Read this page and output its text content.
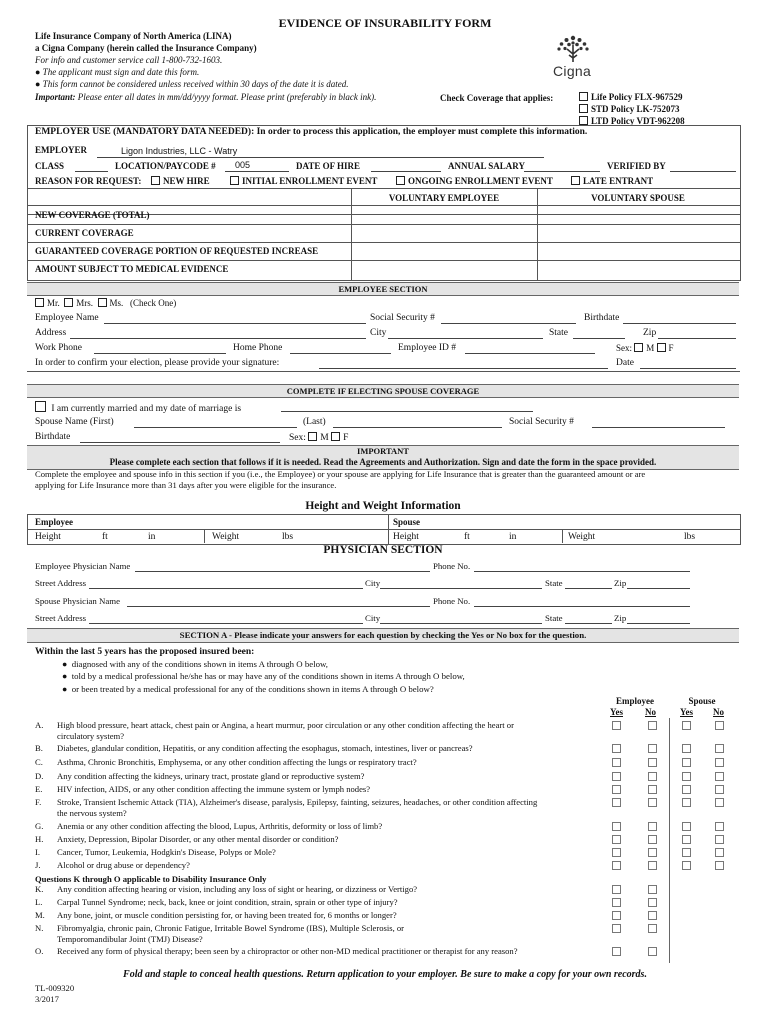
EVIDENCE OF INSURABILITY FORM
Life Insurance Company of North America (LINA)
a Cigna Company (herein called the Insurance Company)
For info and customer service call 1-800-732-1603.
● The applicant must sign and date this form.
● This form cannot be considered unless received within 30 days of the date it is dated.
Important: Please enter all dates in mm/dd/yyyy format. Please print (preferably in black ink).	Check Coverage that applies:	Life Policy FLX-967529
STD Policy LK-752073
LTD Policy VDT-962208
Cigna
EMPLOYER USE (MANDATORY DATA NEEDED): In order to process this application, the employer must complete this information.
EMPLOYER	Ligon Industries, LLC - Watry
CLASS	LOCATION/PAYCODE # 005	DATE OF HIRE	ANNUAL SALARY	VERIFIED BY
REASON FOR REQUEST:	NEW HIRE	INITIAL ENROLLMENT EVENT	ONGOING ENROLLMENT EVENT	LATE ENTRANT
VOLUNTARY EMPLOYEE	VOLUNTARY SPOUSE
NEW COVERAGE (TOTAL)
CURRENT COVERAGE
GUARANTEED COVERAGE PORTION OF REQUESTED INCREASE
AMOUNT SUBJECT TO MEDICAL EVIDENCE
EMPLOYEE SECTION
Mr. Mrs. Ms. (Check One)
Employee Name	Social Security #	Birthdate
Address	City	State	Zip
Work Phone	Home Phone	Employee ID #	Sex: M F
In order to confirm your election, please provide your signature:	Date
COMPLETE IF ELECTING SPOUSE COVERAGE
I am currently married and my date of marriage is
Spouse Name (First)	(Last)	Social Security #
Birthdate	Sex: M F
IMPORTANT
Please complete each section that follows if it is needed. Read the Agreements and Authorization. Sign and date the form in the space provided.
Complete the employee and spouse info in this section if you (i.e., the Employee) or your spouse are applying for Life Insurance that is greater than the guaranteed amount or are
applying for Life Insurance more than 31 days after you were eligible for the insurance.
Height and Weight Information
Employee	Spouse
Height	ft	in	Weight	lbs	Height	ft	in	Weight	lbs
PHYSICIAN SECTION
Employee Physician Name	Phone No.
Street Address	City	State	Zip
Spouse Physician Name	Phone No.
Street Address	City	State	Zip
SECTION A - Please indicate your answers for each question by checking the Yes or No box for the question.
Within the last 5 years has the proposed insured been:
●  diagnosed with any of the conditions shown in items A through O below,
●  told by a medical professional he/she has or may have any of the conditions shown in items A through O below,
●  or been treated by a medical professional for any of the conditions shown in items A through O below?
Employee	Spouse
Yes No	Yes No
A. High blood pressure, heart attack, chest pain or Angina, a heart murmur, poor circulation or any other condition affecting the heart or
circulatory system?
B. Diabetes, glandular condition, Hepatitis, or any condition affecting the esophagus, stomach, intestines, liver or pancreas?
C. Asthma, Chronic Bronchitis, Emphysema, or any other condition affecting the lungs or respiratory tract?
D. Any condition affecting the kidneys, urinary tract, prostate gland or reproductive system?
E. HIV infection, AIDS, or any other condition affecting the immune system or lymph nodes?
F. Stroke, Transient Ischemic Attack (TIA), Alzheimer's disease, paralysis, Epilepsy, fainting, seizures, headaches, or other condition affecting
the nervous system?
G. Anemia or any other condition affecting the blood, Lupus, Arthritis, deformity or loss of limb?
H. Anxiety, Depression, Bipolar Disorder, or any other mental disorder or condition?
I. Cancer, Tumor, Leukemia, Hodgkin's Disease, Polyps or Mole?
J. Alcohol or drug abuse or dependency?
K. Any condition affecting hearing or vision, including any loss of sight or hearing, or dizziness or Vertigo?
L. Carpal Tunnel Syndrome; neck, back, knee or joint condition, strain, sprain or other type of injury?
M. Any bone, joint, or muscle condition persisting for, or having been treated for, 6 months or longer?
N. Fibromyalgia, chronic pain, Chronic Fatigue, Irritable Bowel Syndrome (IBS), Multiple Sclerosis, or
Temporomandibular Joint (TMJ) Disease?
O. Received any form of physical therapy; been seen by a chiropractor or other non-MD medical practitioner or therapist for any reason?
Questions K through O applicable to Disability Insurance Only
Fold and staple to conceal health questions. Return application to your employer. Be sure to make a copy for your own records.
TL-009320
3/2017
